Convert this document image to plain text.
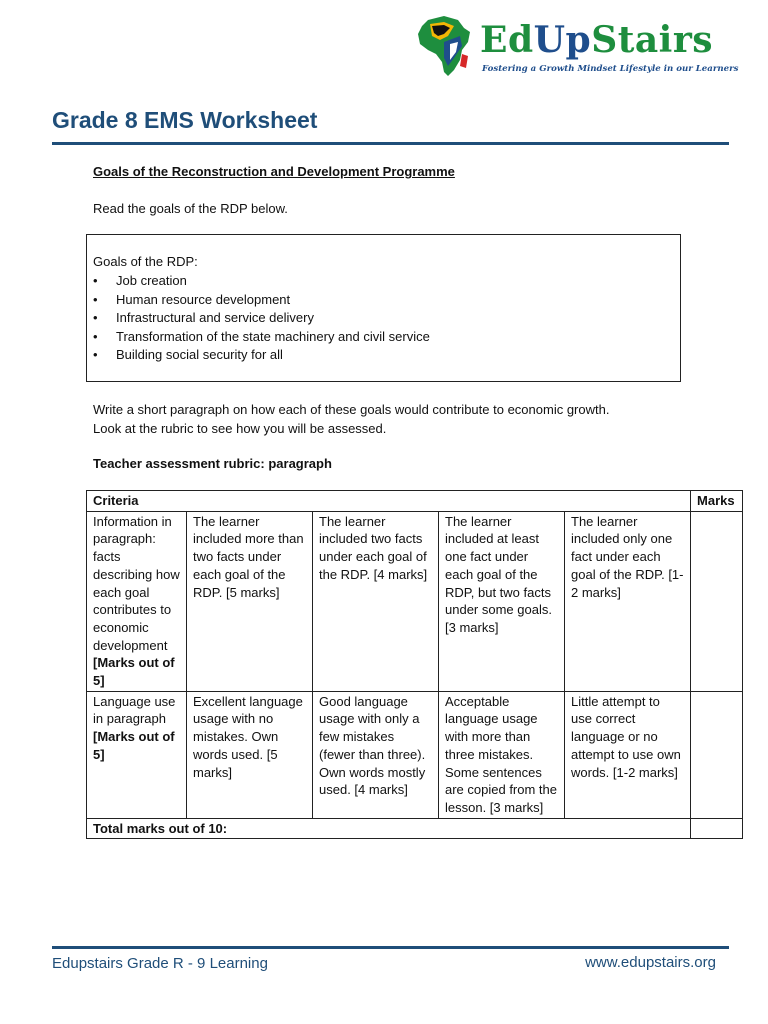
EdUpStairs
Fostering a Growth Mindset Lifestyle in our Learners
Grade 8 EMS Worksheet
Goals of the Reconstruction and Development Programme
Read the goals of the RDP below.
Goals of the RDP:
• Job creation
• Human resource development
• Infrastructural and service delivery
• Transformation of the state machinery and civil service
• Building social security for all
Write a short paragraph on how each of these goals would contribute to economic growth.
Look at the rubric to see how you will be assessed.
Teacher assessment rubric: paragraph
Criteria					Marks
Information in paragraph: facts describing how each goal contributes to economic development [Marks out of 5]	The learner included more than two facts under each goal of the RDP. [5 marks]	The learner included two facts under each goal of the RDP. [4 marks]	The learner included at least one fact under each goal of the RDP, but two facts under some goals. [3 marks]	The learner included only one fact under each goal of the RDP. [1-2 marks]	
Language use in paragraph [Marks out of 5]	Excellent language usage with no mistakes. Own words used. [5 marks]	Good language usage with only a few mistakes (fewer than three). Own words mostly used. [4 marks]	Acceptable language usage with more than three mistakes. Some sentences are copied from the lesson. [3 marks]	Little attempt to use correct language or no attempt to use own words. [1-2 marks]	
Total marks out of 10:					
Edupstairs Grade R - 9 Learning	www.edupstairs.org
